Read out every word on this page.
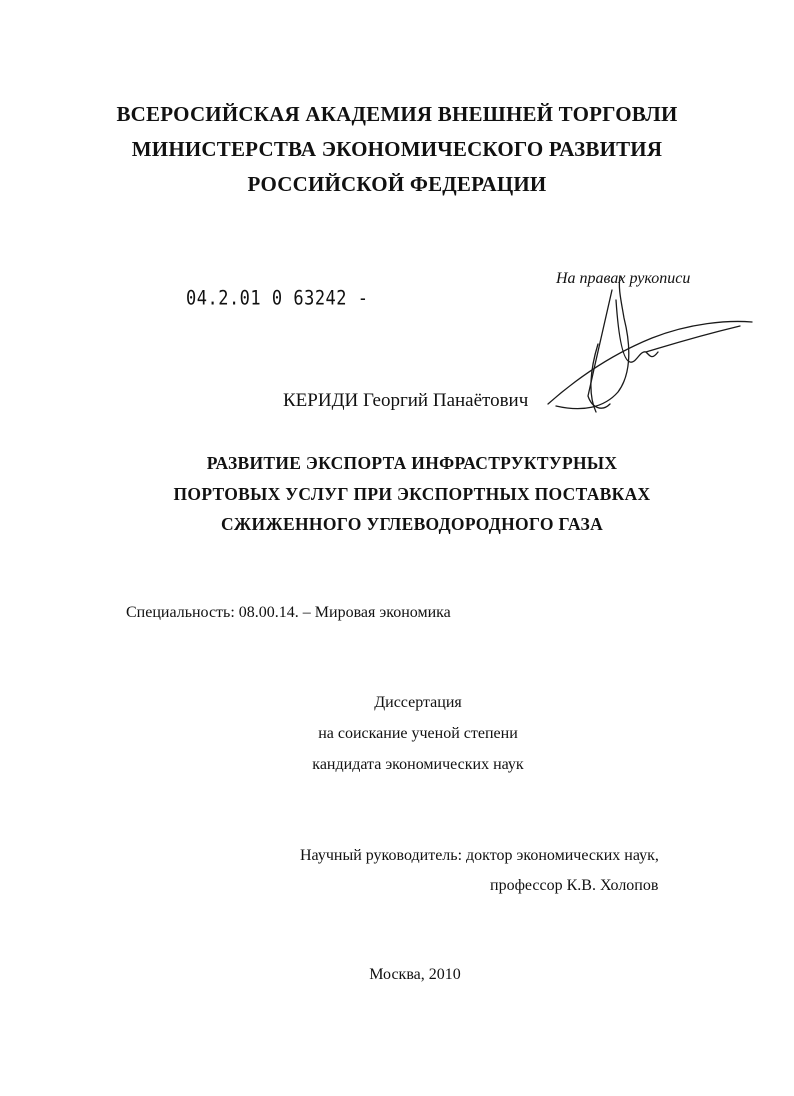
ВСЕРОСИЙСКАЯ АКАДЕМИЯ ВНЕШНЕЙ ТОРГОВЛИ
МИНИСТЕРСТВА ЭКОНОМИЧЕСКОГО РАЗВИТИЯ
РОССИЙСКОЙ ФЕДЕРАЦИИ
На правах рукописи
04.2.01 0 63242 -
КЕРИДИ Георгий Панаётович
РАЗВИТИЕ ЭКСПОРТА ИНФРАСТРУКТУРНЫХ
ПОРТОВЫХ УСЛУГ ПРИ ЭКСПОРТНЫХ ПОСТАВКАХ
СЖИЖЕННОГО УГЛЕВОДОРОДНОГО ГАЗА
Специальность: 08.00.14. – Мировая экономика
Диссертация
на соискание ученой степени
кандидата экономических наук
Научный руководитель: доктор экономических наук,
профессор К.В. Холопов
Москва, 2010
